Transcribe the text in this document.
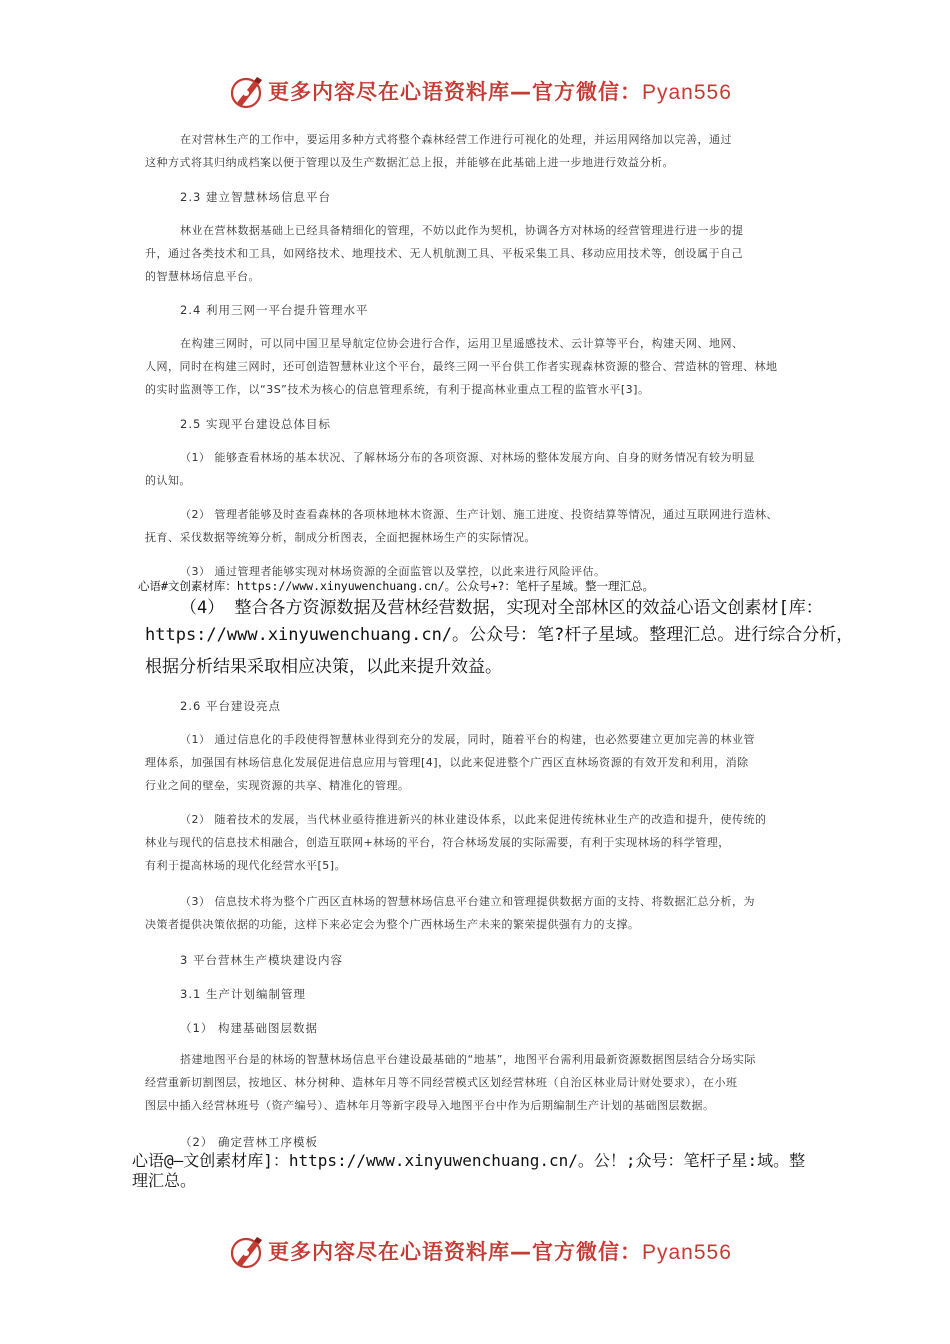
更多内容尽在心语资料库—官方微信：Pyan556
在对营林生产的工作中，要运用多种方式将整个森林经营工作进行可视化的处理，并运用网络加以完善，通过
这种方式将其归纳成档案以便于管理以及生产数据汇总上报，并能够在此基础上进一步地进行效益分析。
2.3 建立智慧林场信息平台
林业在营林数据基础上已经具备精细化的管理，不妨以此作为契机，协调各方对林场的经营管理进行进一步的提
升，通过各类技术和工具，如网络技术、地理技术、无人机航测工具、平板采集工具、移动应用技术等，创设属于自己
的智慧林场信息平台。
2.4 利用三网一平台提升管理水平
在构建三网时，可以同中国卫星导航定位协会进行合作，运用卫星遥感技术、云计算等平台，构建天网、地网、
人网，同时在构建三网时，还可创造智慧林业这个平台，最终三网一平台供工作者实现森林资源的整合、营造林的管理、林地
的实时监测等工作，以“3S”技术为核心的信息管理系统，有利于提高林业重点工程的监管水平[3]。
2.5 实现平台建设总体目标
（1） 能够查看林场的基本状况、了解林场分布的各项资源、对林场的整体发展方向、自身的财务情况有较为明显
的认知。
（2） 管理者能够及时查看森林的各项林地林木资源、生产计划、施工进度、投资结算等情况，通过互联网进行造林、
抚育、采伐数据等统筹分析，制成分析图表，全面把握林场生产的实际情况。
（3） 通过管理者能够实现对林场资源的全面监管以及掌控，以此来进行风险评估。
心语#文创素材库：https://www.xinyuwenchuang.cn/。公众号+?：笔杆子星域。整一理汇总。
（4） 整合各方资源数据及营林经营数据，实现对全部林区的效益心语文创素材[库：
https://www.xinyuwenchuang.cn/。公众号：笔?杆子星域。整理汇总。进行综合分析，
根据分析结果采取相应决策，以此来提升效益。
2.6 平台建设亮点
（1） 通过信息化的手段使得智慧林业得到充分的发展，同时，随着平台的构建，也必然要建立更加完善的林业管
理体系，加强国有林场信息化发展促进信息应用与管理[4]，以此来促进整个广西区直林场资源的有效开发和利用，消除
行业之间的壁垒，实现资源的共享、精准化的管理。
（2） 随着技术的发展，当代林业亟待推进新兴的林业建设体系，以此来促进传统林业生产的改造和提升，使传统的
林业与现代的信息技术相融合，创造互联网+林场的平台，符合林场发展的实际需要，有利于实现林场的科学管理，
有利于提高林场的现代化经营水平[5]。
（3） 信息技术将为整个广西区直林场的智慧林场信息平台建立和管理提供数据方面的支持、将数据汇总分析，为
决策者提供决策依据的功能，这样下来必定会为整个广西林场生产未来的繁荣提供强有力的支撑。
3 平台营林生产模块建设内容
3.1 生产计划编制管理
（1） 构建基础图层数据
搭建地图平台是的林场的智慧林场信息平台建设最基础的“地基”，地图平台需利用最新资源数据图层结合分场实际
经营重新切割图层，按地区、林分树种、造林年月等不同经营模式区划经营林班（自治区林业局计财处要求），在小班
图层中插入经营林班号（资产编号）、造林年月等新字段导入地图平台中作为后期编制生产计划的基础图层数据。
（2） 确定营林工序模板
心语@—文创素材库]：https://www.xinyuwenchuang.cn/。公！;众号：笔杆子星:域。整
理汇总。
更多内容尽在心语资料库—官方微信：Pyan556
